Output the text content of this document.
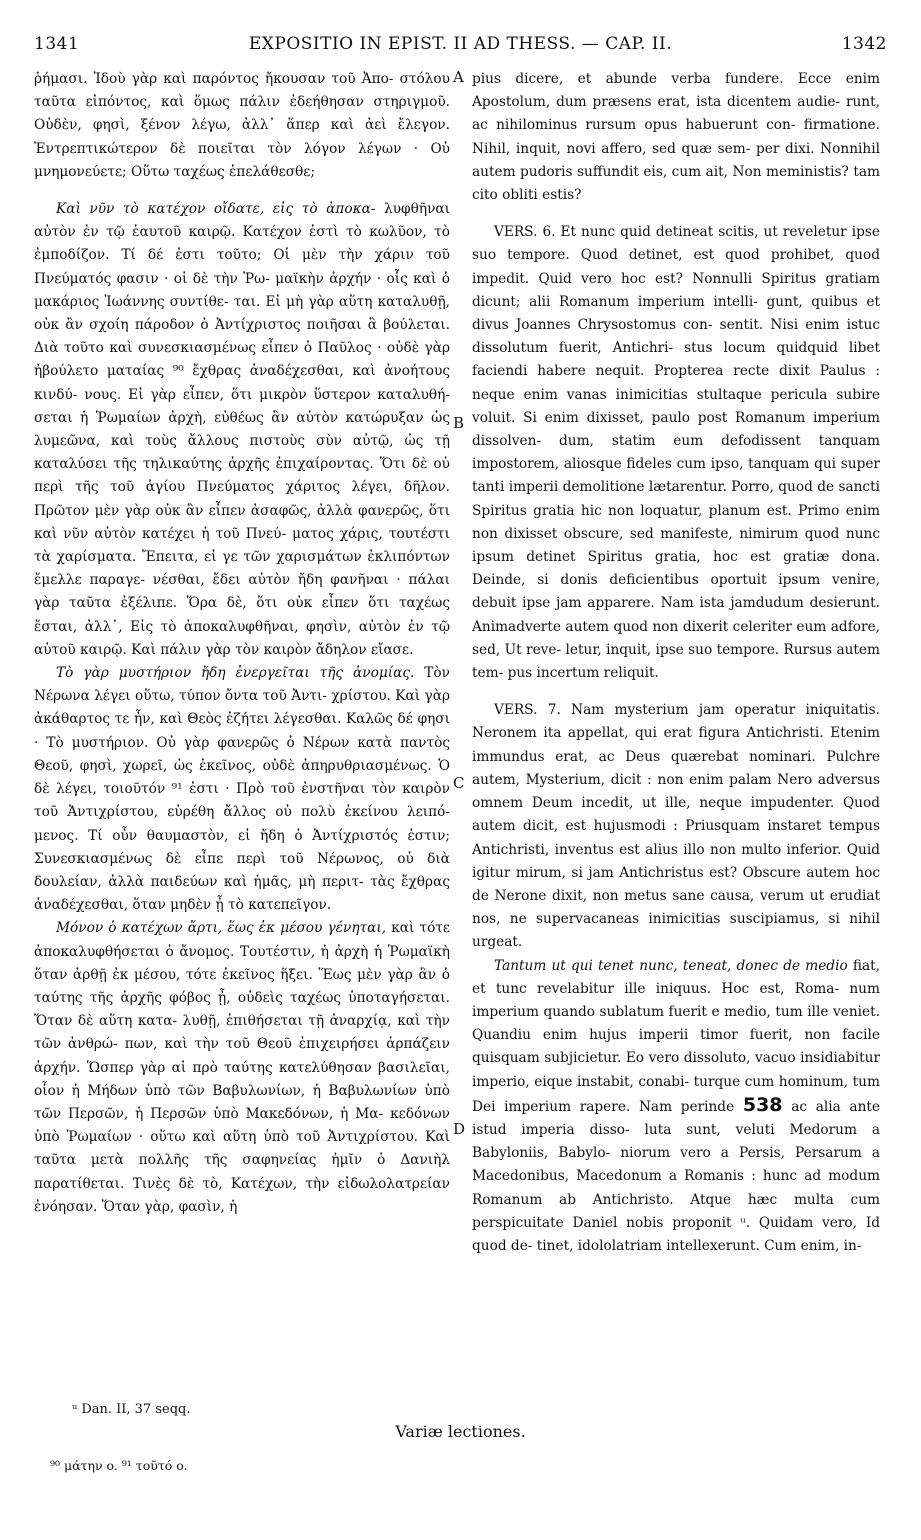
1341	EXPOSITIO IN EPIST. II AD THESS. — CAP. II.	1342

ῥήμασι. Ἰδοὺ γὰρ καὶ παρόντος ἤκουσαν τοῦ Ἀπο- στόλου ταῦτα εἰπόντος, καὶ ὅμως πάλιν ἐδεήθησαν στηριγμοῦ. Οὐδὲν, φησὶ, ξένον λέγω, ἀλλ᾽ ἅπερ καὶ ἀεὶ ἔλεγον. Ἐντρεπτικώτερον δὲ ποιεῖται τὸν λόγον λέγων · Οὐ μνημονεύετε; Οὕτω ταχέως ἐπελάθεσθε;

Καὶ νῦν τὸ κατέχον οἴδατε, εἰς τὸ ἀποκα- λυφθῆναι αὐτὸν ἐν τῷ ἑαυτοῦ καιρῷ. Κατέχον ἐστὶ τὸ κωλῦον, τὸ ἐμποδίζον. Τί δέ ἐστι τοῦτο; Οἱ μὲν τὴν χάριν τοῦ Πνεύματός φασιν · οἱ δὲ τὴν Ῥω- μαϊκὴν ἀρχήν · οἷς καὶ ὁ μακάριος Ἰωάννης συντίθε- ται. Εἰ μὴ γὰρ αὕτη καταλυθῇ, οὐκ ἂν σχοίη πάροδον ὁ Ἀντίχριστος ποιῆσαι ἃ βούλεται. Διὰ τοῦτο καὶ συνεσκιασμένως εἶπεν ὁ Παῦλος · οὐδὲ γὰρ ἠβούλετο ματαίας ⁹⁰ ἔχθρας ἀναδέχεσθαι, καὶ ἀνοήτους κινδύ- νους. Εἰ γὰρ εἶπεν, ὅτι μικρὸν ὕστερον καταλυθή- σεται ἡ Ῥωμαίων ἀρχὴ, εὐθέως ἂν αὐτὸν κατώρυξαν ὡς λυμεῶνα, καὶ τοὺς ἄλλους πιστοὺς σὺν αὐτῷ, ὡς τῇ καταλύσει τῆς τηλικαύτης ἀρχῆς ἐπιχαίροντας. Ὅτι δὲ οὐ περὶ τῆς τοῦ ἁγίου Πνεύματος χάριτος λέγει, δῆλον. Πρῶτον μὲν γὰρ οὐκ ἂν εἶπεν ἀσαφῶς, ἀλλὰ φανερῶς, ὅτι καὶ νῦν αὐτὸν κατέχει ἡ τοῦ Πνεύ- ματος χάρις, τουτέστι τὰ χαρίσματα. Ἔπειτα, εἰ γε τῶν χαρισμάτων ἐκλιπόντων ἔμελλε παραγε- νέσθαι, ἔδει αὐτὸν ἤδη φανῆναι · πάλαι γὰρ ταῦτα ἐξέλιπε. Ὅρα δὲ, ὅτι οὐκ εἶπεν ὅτι ταχέως ἔσται, ἀλλ᾽, Εἰς τὸ ἀποκαλυφθῆναι, φησὶν, αὐτὸν ἐν τῷ αὐτοῦ καιρῷ. Καὶ πάλιν γὰρ τὸν καιρὸν ἄδηλον εἴασε.

Τὸ γὰρ μυστήριον ἤδη ἐνεργεῖται τῆς ἀνομίας. Τὸν Νέρωνα λέγει οὕτω, τύπον ὄντα τοῦ Ἀντι- χρίστου. Καὶ γὰρ ἀκάθαρτος τε ἦν, καὶ Θεὸς ἐζήτει λέγεσθαι. Καλῶς δέ φησι · Τὸ μυστήριον. Οὐ γὰρ φανερῶς ὁ Νέρων κατὰ παντὸς Θεοῦ, φησὶ, χωρεῖ, ὡς ἐκεῖνος, οὐδὲ ἀπηρυθριασμένως. Ὁ δὲ λέγει, τοιοῦτόν ⁹¹ ἐστι · Πρὸ τοῦ ἐνστῆναι τὸν καιρὸν τοῦ Ἀντιχρίστου, εὑρέθη ἄλλος οὐ πολὺ ἐκείνου λειπό- μενος. Τί οὖν θαυμαστὸν, εἰ ἤδη ὁ Ἀντίχριστός ἐστιν; Συνεσκιασμένως δὲ εἶπε περὶ τοῦ Νέρωνος, οὐ διὰ δουλείαν, ἀλλὰ παιδεύων καὶ ἡμᾶς, μὴ περιτ- τὰς ἔχθρας ἀναδέχεσθαι, ὅταν μηδὲν ᾖ τὸ κατεπεῖγον.

Μόνον ὁ κατέχων ἄρτι, ἕως ἐκ μέσου γένηται, καὶ τότε ἀποκαλυφθήσεται ὁ ἄνομος. Τουτέστιν, ἡ ἀρχὴ ἡ Ῥωμαϊκὴ ὅταν ἀρθῇ ἐκ μέσου, τότε ἐκεῖνος ἥξει. Ἕως μὲν γὰρ ἂν ὁ ταύτης τῆς ἀρχῆς φόβος ᾖ, οὐδεὶς ταχέως ὑποταγήσεται. Ὅταν δὲ αὕτη κατα- λυθῇ, ἐπιθήσεται τῇ ἀναρχίᾳ, καὶ τὴν τῶν ἀνθρώ- πων, καὶ τὴν τοῦ Θεοῦ ἐπιχειρήσει ἁρπάζειν ἀρχήν. Ὥσπερ γὰρ αἱ πρὸ ταύτης κατελύθησαν βασιλεῖαι, οἷον ἡ Μήδων ὑπὸ τῶν Βαβυλωνίων, ἡ Βαβυλωνίων ὑπὸ τῶν Περσῶν, ἡ Περσῶν ὑπὸ Μακεδόνων, ἡ Μα- κεδόνων ὑπὸ Ῥωμαίων · οὕτω καὶ αὕτη ὑπὸ τοῦ Ἀντιχρίστου. Καὶ ταῦτα μετὰ πολλῆς τῆς σαφηνείας ἡμῖν ὁ Δανιὴλ παρατίθεται. Τινὲς δὲ τὸ, Κατέχων, τὴν εἰδωλολατρείαν ἐνόησαν. Ὅταν γὰρ, φασὶν, ἡ

A
B
C
D

pius dicere, et abunde verba fundere. Ecce enim Apostolum, dum præsens erat, ista dicentem audie- runt, ac nihilominus rursum opus habuerunt con- firmatione. Nihil, inquit, novi affero, sed quæ sem- per dixi. Nonnihil autem pudoris suffundit eis, cum ait, Non meministis? tam cito obliti estis?

VERS. 6. Et nunc quid detineat scitis, ut reveletur ipse suo tempore. Quod detinet, est quod prohibet, quod impedit. Quid vero hoc est? Nonnulli Spiritus gratiam dicunt; alii Romanum imperium intelli- gunt, quibus et divus Joannes Chrysostomus con- sentit. Nisi enim istuc dissolutum fuerit, Antichri- stus locum quidquid libet faciendi habere nequit. Propterea recte dixit Paulus : neque enim vanas inimicitias stultaque pericula subire voluit. Si enim dixisset, paulo post Romanum imperium dissolven- dum, statim eum defodissent tanquam impostorem, aliosque fideles cum ipso, tanquam qui super tanti imperii demolitione lætarentur. Porro, quod de sancti Spiritus gratia hic non loquatur, planum est. Primo enim non dixisset obscure, sed manifeste, nimirum quod nunc ipsum detinet Spiritus gratia, hoc est gratiæ dona. Deinde, si donis deficientibus oportuit ipsum venire, debuit ipse jam apparere. Nam ista jamdudum desierunt. Animadverte autem quod non dixerit celeriter eum adfore, sed, Ut reve- letur, inquit, ipse suo tempore. Rursus autem tem- pus incertum reliquit.

VERS. 7. Nam mysterium jam operatur iniquitatis. Neronem ita appellat, qui erat figura Antichristi. Etenim immundus erat, ac Deus quærebat nominari. Pulchre autem, Mysterium, dicit : non enim palam Nero adversus omnem Deum incedit, ut ille, neque impudenter. Quod autem dicit, est hujusmodi : Priusquam instaret tempus Antichristi, inventus est alius illo non multo inferior. Quid igitur mirum, si jam Antichristus est? Obscure autem hoc de Nerone dixit, non metus sane causa, verum ut erudiat nos, ne supervacaneas inimicitias suscipiamus, si nihil urgeat.

Tantum ut qui tenet nunc, teneat, donec de medio fiat, et tunc revelabitur ille iniquus. Hoc est, Roma- num imperium quando sublatum fuerit e medio, tum ille veniet. Quandiu enim hujus imperii timor fuerit, non facile quisquam subjicietur. Eo vero dissoluto, vacuo insidiabitur imperio, eique instabit, conabi- turque cum hominum, tum Dei imperium rapere. Nam perinde 538 ac alia ante istud imperia disso- luta sunt, veluti Medorum a Babyloniis, Babylo- niorum vero a Persis, Persarum a Macedonibus, Macedonum a Romanis : hunc ad modum Romanum ab Antichristo. Atque hæc multa cum perspicuitate Daniel nobis proponit ᵘ. Quidam vero, Id quod de- tinet, idololatriam intellexerunt. Cum enim, in-

ᵘ Dan. II, 37 seqq.
Variæ lectiones.
⁹⁰ μάτην o. ⁹¹ τοῦτό o.
